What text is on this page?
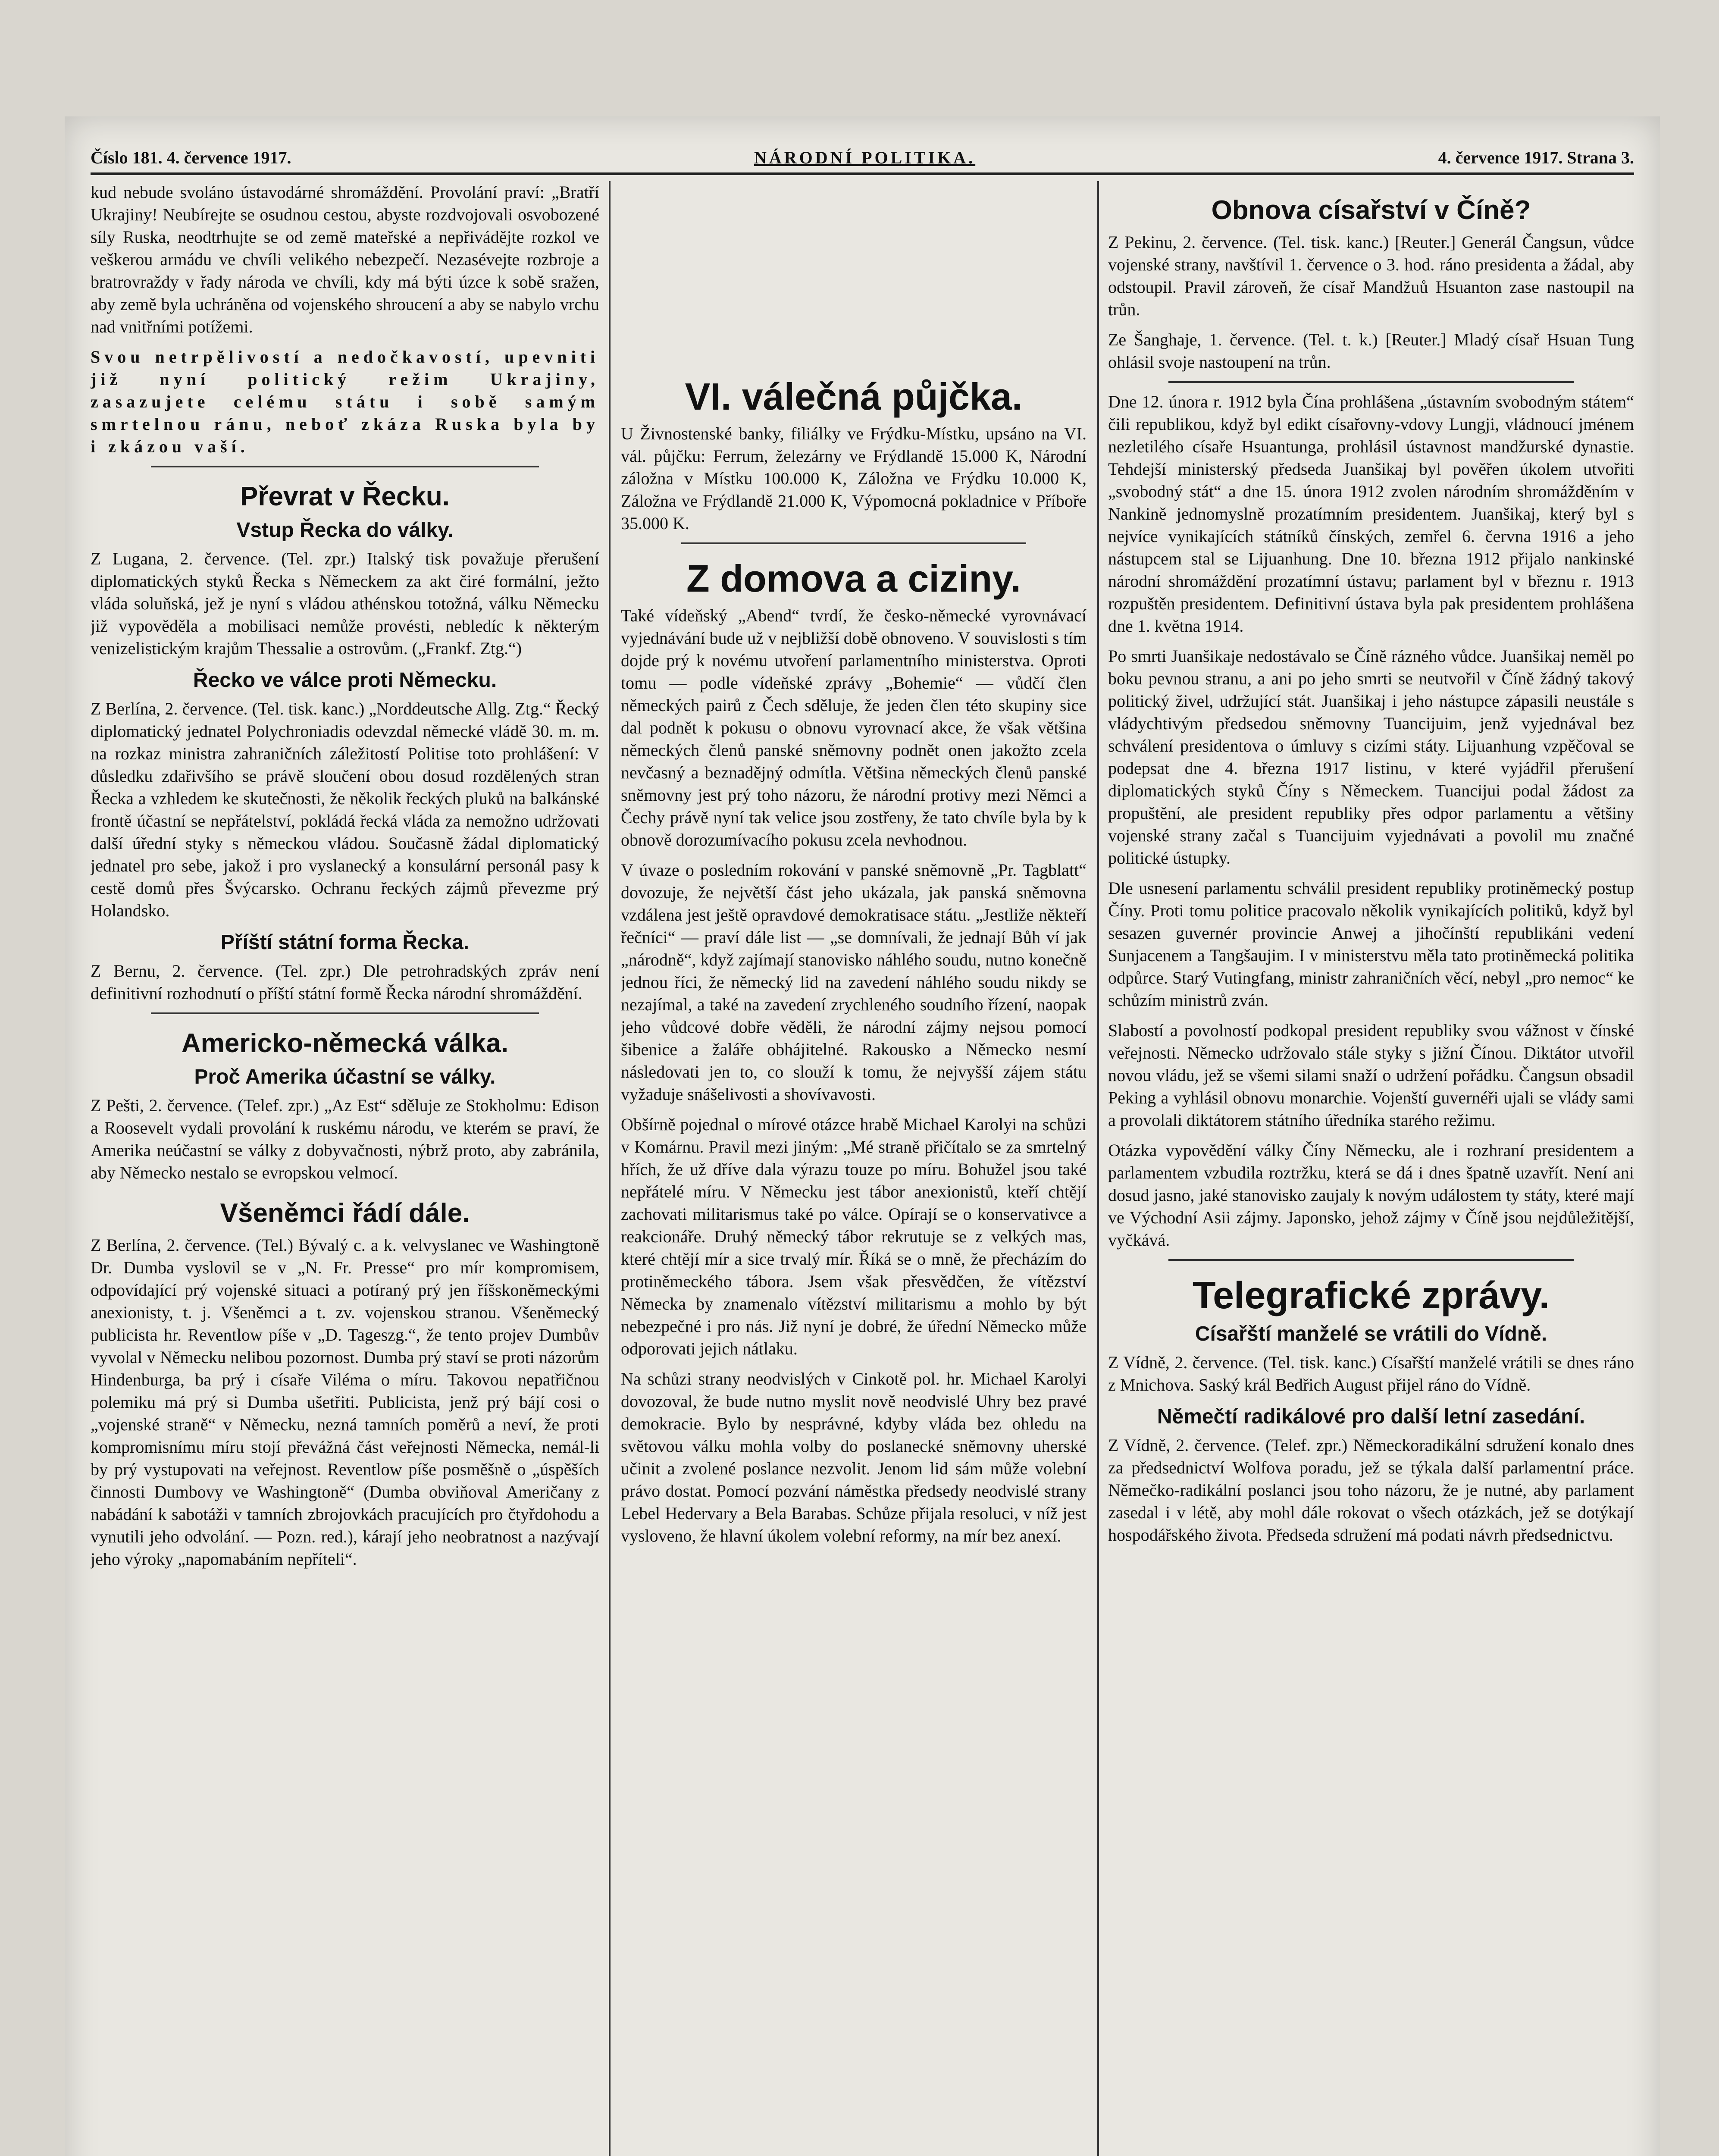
Číslo 181. 4. července 1917.	NÁRODNÍ POLITIKA.	4. července 1917. Strana 3.

kud nebude svoláno ústavodárné shromáždění. Provolání praví: „Bratří Ukrajiny! Neubírejte se osudnou cestou, abyste rozdvojovali osvobozené síly Ruska, neodtrhujte se od země mateřské a nepřivádějte rozkol ve veškerou armádu ve chvíli velikého nebezpečí. Nezasévejte rozbroje a bratrovraždy v řady národa ve chvíli, kdy má býti úzce k sobě sražen, aby země byla uchráněna od vojenského shroucení a aby se nabylo vrchu nad vnitřními potížemi.

Svou netrpělivostí a nedočkavostí, upevniti již nyní politický režim Ukrajiny, zasazujete celému státu i sobě samým smrtelnou ránu, neboť zkáza Ruska byla by i zkázou vaší.

Převrat v Řecku.
Vstup Řecka do války.

Z Lugana, 2. července. (Tel. zpr.) Italský tisk považuje přerušení diplomatických styků Řecka s Německem za akt čiré formální, ježto vláda soluňská, jež je nyní s vládou athénskou totožná, válku Německu již vypověděla a mobilisaci nemůže provésti, nebledíc k některým venizelistickým krajům Thessalie a ostrovům. („Frankf. Ztg.“)

Řecko ve válce proti Německu.

Z Berlína, 2. července. (Tel. tisk. kanc.) „Norddeutsche Allg. Ztg.“ Řecký diplomatický jednatel Polychroniadis odevzdal německé vládě 30. m. m. na rozkaz ministra zahraničních záležitostí Politise toto prohlášení: V důsledku zdařivšího se právě sloučení obou dosud rozdělených stran Řecka a vzhledem ke skutečnosti, že několik řeckých pluků na balkánské frontě účastní se nepřátelství, pokládá řecká vláda za nemožno udržovati další úřední styky s německou vládou. Současně žádal diplomatický jednatel pro sebe, jakož i pro vyslanecký a konsulární personál pasy k cestě domů přes Švýcarsko. Ochranu řeckých zájmů převezme prý Holandsko.

Příští státní forma Řecka.

Z Bernu, 2. července. (Tel. zpr.) Dle petrohradských zpráv není definitivní rozhodnutí o příští státní formě Řecka národní shromáždění.

Americko-německá válka.
Proč Amerika účastní se války.

Z Pešti, 2. července. (Telef. zpr.) „Az Est“ sděluje ze Stokholmu: Edison a Roosevelt vydali provolání k ruskému národu, ve kterém se praví, že Amerika neúčastní se války z dobyvačnosti, nýbrž proto, aby zabránila, aby Německo nestalo se evropskou velmocí.

Všeněmci řádí dále.

Z Berlína, 2. července. (Tel.) Bývalý c. a k. velvyslanec ve Washingtoně Dr. Dumba vyslovil se v „N. Fr. Presse“ pro mír kompromisem, odpovídající prý vojenské situaci a potíraný prý jen říšskoněmeckými anexionisty, t. j. Všeněmci a t. zv. vojenskou stranou. Všeněmecký publicista hr. Reventlow píše v „D. Tageszg.“, že tento projev Dumbův vyvolal v Německu nelibou pozornost. Dumba prý staví se proti názorům Hindenburga, ba prý i císaře Viléma o míru. Takovou nepatřičnou polemiku má prý si Dumba ušetřiti. Publicista, jenž prý bájí cosi o „vojenské straně“ v Německu, nezná tamních poměrů a neví, že proti kompromisnímu míru stojí převážná část veřejnosti Německa, nemál-li by prý vystupovati na veřejnost. Reventlow píše posměšně o „úspěších činnosti Dumbovy ve Washingtoně“ (Dumba obviňoval Američany z nabádání k sabotáži v tamních zbrojovkách pracujících pro čtyřdohodu a vynutili jeho odvolání. — Pozn. red.), kárají jeho neobratnost a nazývají jeho výroky „napomabáním nepříteli“.

VI. válečná půjčka.

U Živnostenské banky, filiálky ve Frýdku-Místku, upsáno na VI. vál. půjčku: Ferrum, železárny ve Frýdlandě 15.000 K, Národní záložna v Místku 100.000 K, Záložna ve Frýdku 10.000 K, Záložna ve Frýdlandě 21.000 K, Výpomocná pokladnice v Příboře 35.000 K.

Z domova a ciziny.

Také vídeňský „Abend“ tvrdí, že česko-německé vyrovnávací vyjednávání bude už v nejbližší době obnoveno. V souvislosti s tím dojde prý k novému utvoření parlamentního ministerstva. Oproti tomu — podle vídeňské zprávy „Bohemie“ — vůdčí člen německých pairů z Čech sděluje, že jeden člen této skupiny sice dal podnět k pokusu o obnovu vyrovnací akce, že však většina německých členů panské sněmovny podnět onen jakožto zcela nevčasný a beznadějný odmítla. Většina německých členů panské sněmovny jest prý toho názoru, že národní protivy mezi Němci a Čechy právě nyní tak velice jsou zostřeny, že tato chvíle byla by k obnově dorozumívacího pokusu zcela nevhodnou.

V úvaze o posledním rokování v panské sněmovně „Pr. Tagblatt“ dovozuje, že největší část jeho ukázala, jak panská sněmovna vzdálena jest ještě opravdové demokratisace státu. „Jestliže někteří řečníci“ — praví dále list — „se domnívali, že jednají Bůh ví jak „národně“, když zajímají stanovisko náhlého soudu, nutno konečně jednou říci, že německý lid na zavedení náhlého soudu nikdy se nezajímal, a také na zavedení zrychleného soudního řízení, naopak jeho vůdcové dobře věděli, že národní zájmy nejsou pomocí šibenice a žaláře obhájitelné. Rakousko a Německo nesmí následovati jen to, co slouží k tomu, že nejvyšší zájem státu vyžaduje snášelivosti a shovívavosti.

Obšírně pojednal o mírové otázce hrabě Michael Karolyi na schůzi v Komárnu. Pravil mezi jiným: „Mé straně přičítalo se za smrtelný hřích, že už dříve dala výrazu touze po míru. Bohužel jsou také nepřátelé míru. V Německu jest tábor anexionistů, kteří chtějí zachovati militarismus také po válce. Opírají se o konservativce a reakcionáře. Druhý německý tábor rekrutuje se z velkých mas, které chtějí mír a sice trvalý mír. Říká se o mně, že přecházím do protiněmeckého tábora. Jsem však přesvědčen, že vítězství Německa by znamenalo vítězství militarismu a mohlo by být nebezpečné i pro nás. Již nyní je dobré, že úřední Německo může odporovati jejich nátlaku.

Na schůzi strany neodvislých v Cinkotě pol. hr. Michael Karolyi dovozoval, že bude nutno myslit nově neodvislé Uhry bez pravé demokracie. Bylo by nesprávné, kdyby vláda bez ohledu na světovou válku mohla volby do poslanecké sněmovny uherské učinit a zvolené poslance nezvolit. Jenom lid sám může volební právo dostat. Pomocí pozvání náměstka předsedy neodvislé strany Lebel Hedervary a Bela Barabas. Schůze přijala resoluci, v níž jest vysloveno, že hlavní úkolem volební reformy, na mír bez anexí.

Obnova císařství v Číně?

Z Pekinu, 2. července. (Tel. tisk. kanc.) [Reuter.] Generál Čangsun, vůdce vojenské strany, navštívil 1. července o 3. hod. ráno presidenta a žádal, aby odstoupil. Pravil zároveň, že císař Mandžuů Hsuanton zase nastoupil na trůn.

Ze Šanghaje, 1. července. (Tel. t. k.) [Reuter.] Mladý císař Hsuan Tung ohlásil svoje nastoupení na trůn.

Dne 12. února r. 1912 byla Čína prohlášena „ústavním svobodným státem“ čili republikou, když byl edikt císařovny-vdovy Lungji, vládnoucí jménem nezletilého císaře Hsuantunga, prohlásil ústavnost mandžurské dynastie. Tehdejší ministerský předseda Juanšikaj byl pověřen úkolem utvořiti „svobodný stát“ a dne 15. února 1912 zvolen národním shromážděním v Nankině jednomyslně prozatímním presidentem. Juanšikaj, který byl s nejvíce vynikajících státníků čínských, zemřel 6. června 1916 a jeho nástupcem stal se Lijuanhung. Dne 10. března 1912 přijalo nankinské národní shromáždění prozatímní ústavu; parlament byl v březnu r. 1913 rozpuštěn presidentem. Definitivní ústava byla pak presidentem prohlášena dne 1. května 1914.

Po smrti Juanšikaje nedostávalo se Číně rázného vůdce. Juanšikaj neměl po boku pevnou stranu, a ani po jeho smrti se neutvořil v Číně žádný takový politický živel, udržující stát. Juanšikaj i jeho nástupce zápasili neustále s vládychtivým předsedou sněmovny Tuancijuim, jenž vyjednával bez schválení presidentova o úmluvy s cizími státy. Lijuanhung vzpěčoval se podepsat dne 4. března 1917 listinu, v které vyjádřil přerušení diplomatických styků Číny s Německem. Tuancijui podal žádost za propuštění, ale president republiky přes odpor parlamentu a většiny vojenské strany začal s Tuancijuim vyjednávati a povolil mu značné politické ústupky.

Dle usnesení parlamentu schválil president republiky protiněmecký postup Číny. Proti tomu politice pracovalo několik vynikajících politiků, když byl sesazen guvernér provincie Anwej a jihočínští republikáni vedení Sunjacenem a Tangšaujim. I v ministerstvu měla tato protiněmecká politika odpůrce. Starý Vutingfang, ministr zahraničních věcí, nebyl „pro nemoc“ ke schůzím ministrů zván.

Slabostí a povolností podkopal president republiky svou vážnost v čínské veřejnosti. Německo udržovalo stále styky s jižní Čínou. Diktátor utvořil novou vládu, jež se všemi silami snaží o udržení pořádku. Čangsun obsadil Peking a vyhlásil obnovu monarchie. Vojenští guvernéři ujali se vlády sami a provolali diktátorem státního úředníka starého režimu.

Otázka vypovědění války Číny Německu, ale i rozhraní presidentem a parlamentem vzbudila roztržku, která se dá i dnes špatně uzavřít. Není ani dosud jasno, jaké stanovisko zaujaly k novým událostem ty státy, které mají ve Východní Asii zájmy. Japonsko, jehož zájmy v Číně jsou nejdůležitější, vyčkává.

Telegrafické zprávy.
Císařští manželé se vrátili do Vídně.

Z Vídně, 2. července. (Tel. tisk. kanc.) Císařští manželé vrátili se dnes ráno z Mnichova. Saský král Bedřich August přijel ráno do Vídně.

Němečtí radikálové pro další letní zasedání.

Z Vídně, 2. července. (Telef. zpr.) Německoradikální sdružení konalo dnes za předsednictví Wolfova poradu, jež se týkala další parlamentní práce. Němečko-radikální poslanci jsou toho názoru, že je nutné, aby parlament zasedal i v létě, aby mohl dále rokovat o všech otázkách, jež se dotýkají hospodářského života. Předseda sdružení má podati návrh předsednictvu.
